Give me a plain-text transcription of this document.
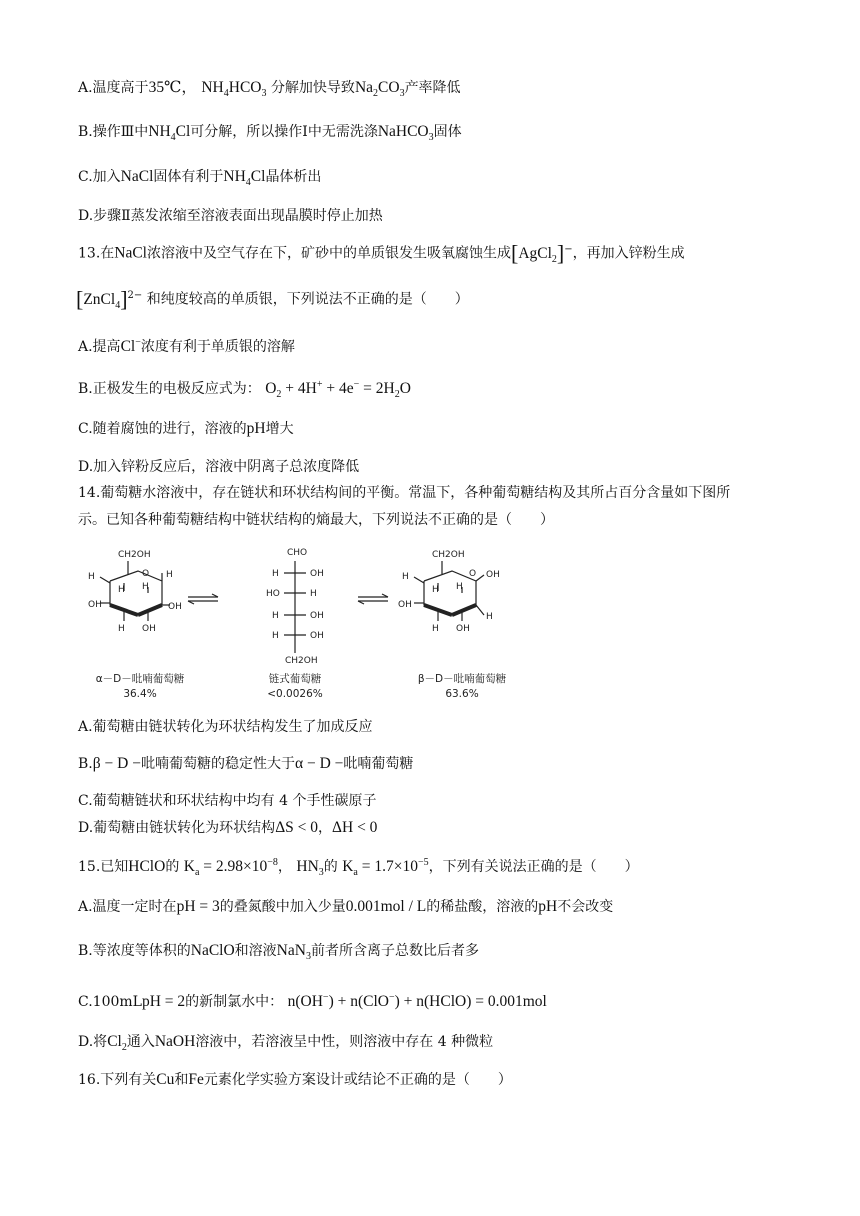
A.温度高于35℃， $NH_4HCO_3$ 分解加快导致$Na_2CO_3$产率降低
B.操作Ⅲ中$NH_4Cl$可分解，所以操作Ⅰ中无需洗涤NaHCO$_3$固体
C.加入NaCl固体有利于$NH_4Cl$晶体析出
D.步骤Ⅱ蒸发浓缩至溶液表面出现晶膜时停止加热
13.在NaCl浓溶液中及空气存在下，矿砂中的单质银发生吸氧腐蚀生成[AgCl$_2$]−，再加入锌粉生成
[ZnCl$_4$]$^{2-}$ 和纯度较高的单质银，下列说法不正确的是（　　）
A.提高Cl−浓度有利于单质银的溶解
B.正极发生的电极反应式为： $O_2 + 4H^+ + 4e^- = 2H_2O$
C.随着腐蚀的进行，溶液的pH增大
D.加入锌粉反应后，溶液中阴离子总浓度降低
14.葡萄糖水溶液中，存在链状和环状结构间的平衡。常温下，各种葡萄糖结构及其所占百分含量如下图所
示。已知各种葡萄糖结构中链状结构的熵最大，下列说法不正确的是（　　）
CH2OH
O
H	H
OH
H H
OH
H OH
CHO
H	OH
HO	H
H	OH
H	OH
CH2OH
CH2OH
O
H	OH
OH
H H
H
H OH
α－D－吡喃葡萄糖
36.4%
链式葡萄糖
<0.0026%
β－D－吡喃葡萄糖
63.6%
A.葡萄糖由链状转化为环状结构发生了加成反应
B.β − D −吡喃葡萄糖的稳定性大于α − D −吡喃葡萄糖
C.葡萄糖链状和环状结构中均有 4 个手性碳原子
D.葡萄糖由链状转化为环状结构ΔS < 0，ΔH < 0
15.已知HClO的 $K_a = 2.98\times 10^{-8}$， $HN_3$的 $K_a = 1.7\times 10^{-5}$，下列有关说法正确的是（　　）
A.温度一定时在pH = 3的叠氮酸中加入少量0.001mol / L的稀盐酸，溶液的pH不会改变
B.等浓度等体积的NaClO和溶液NaN$_3$前者所含离子总数比后者多
C.100mLpH = 2的新制氯水中： n(OH−) + n(ClO−) + n(HClO) = 0.001mol
D.将$Cl_2$通入NaOH溶液中，若溶液呈中性，则溶液中存在 4 种微粒
16.下列有关Cu和Fe元素化学实验方案设计或结论不正确的是（　　）
